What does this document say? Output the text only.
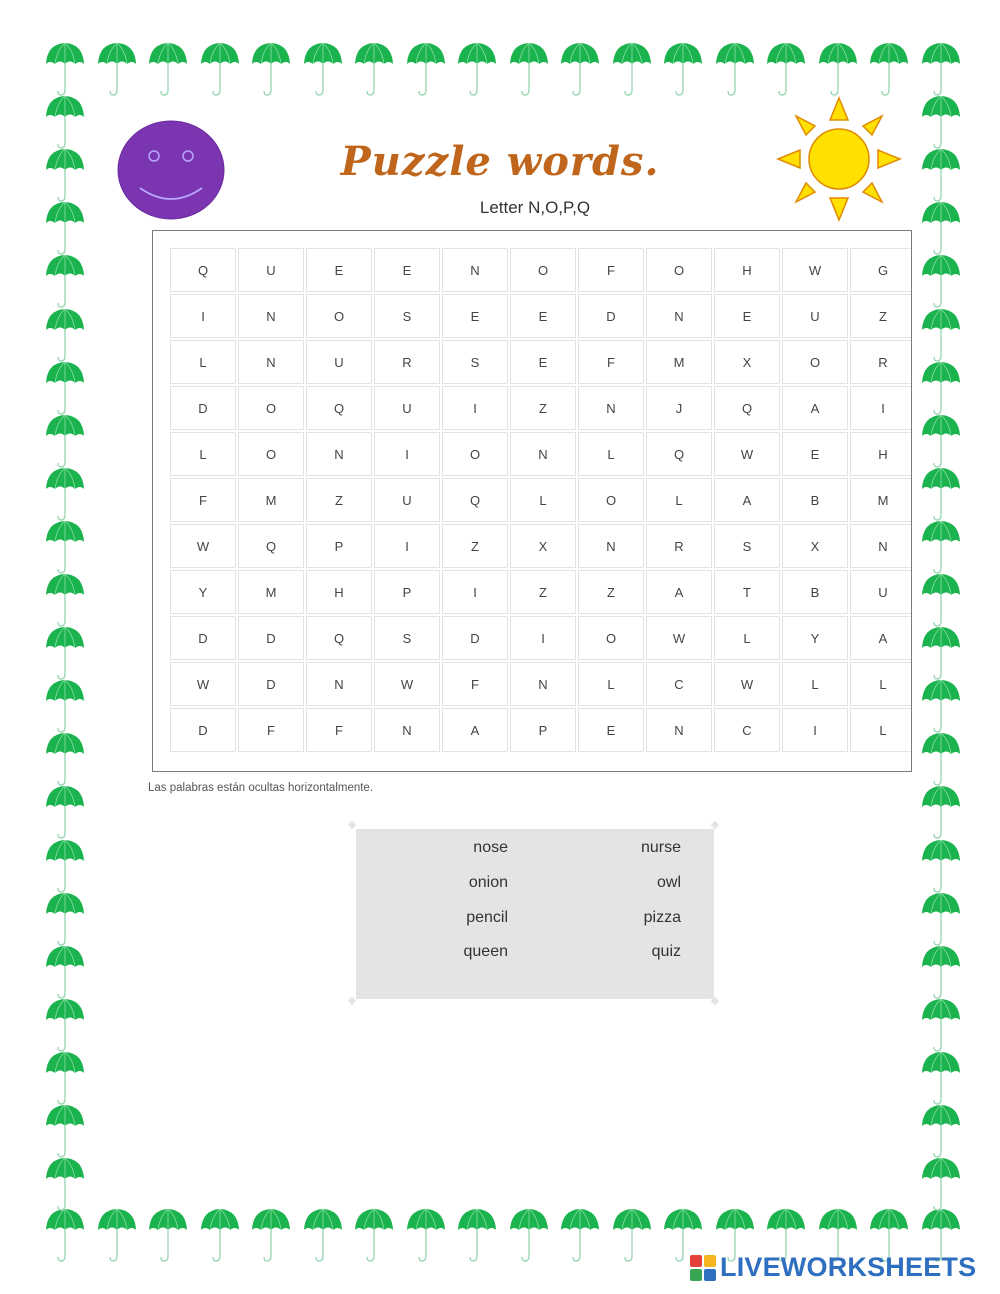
Puzzle words.
Letter N,O,P,Q
Q	U	E	E	N	O	F	O	H	W	G
I	N	O	S	E	E	D	N	E	U	Z
L	N	U	R	S	E	F	M	X	O	R
D	O	Q	U	I	Z	N	J	Q	A	I
L	O	N	I	O	N	L	Q	W	E	H
F	M	Z	U	Q	L	O	L	A	B	M
W	Q	P	I	Z	X	N	R	S	X	N
Y	M	H	P	I	Z	Z	A	T	B	U
D	D	Q	S	D	I	O	W	L	Y	A
W	D	N	W	F	N	L	C	W	L	L
D	F	F	N	A	P	E	N	C	I	L
Las palabras están ocultas horizontalmente.
nose
onion
pencil
queen
nurse
owl
pizza
quiz
LIVEWORKSHEETS
